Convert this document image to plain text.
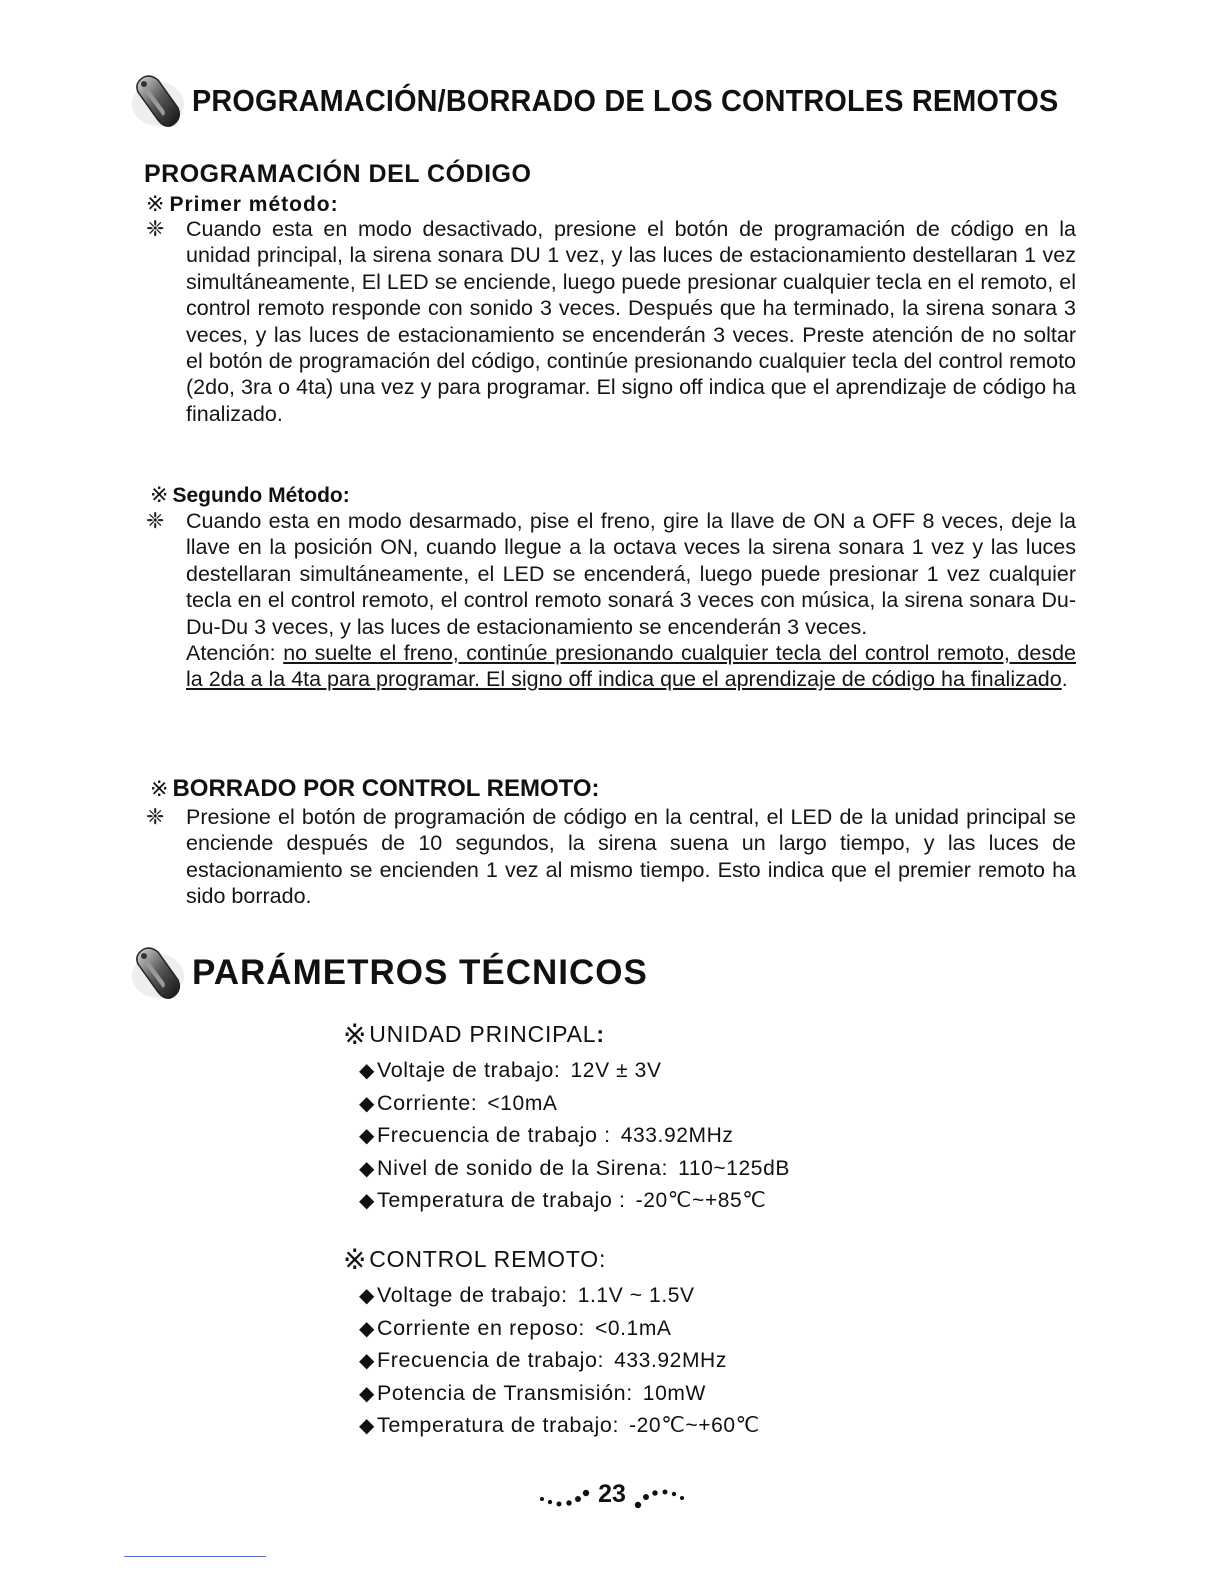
PROGRAMACIÓN/BORRADO DE LOS CONTROLES REMOTOS
PROGRAMACIÓN DEL CÓDIGO
※ Primer método:
❈	Cuando esta en modo desactivado, presione el botón de programación de código en la unidad principal, la sirena sonara DU 1 vez, y las luces de estacionamiento destellaran 1 vez simultáneamente, El LED se enciende, luego puede presionar cualquier tecla en el remoto, el control remoto responde con sonido 3 veces. Después que ha terminado, la sirena sonara 3 veces, y las luces de estacionamiento se encenderán 3 veces. Preste atención de no soltar el botón de programación del código, continúe presionando cualquier tecla del control remoto (2do, 3ra o 4ta) una vez y para programar. El signo off indica que el aprendizaje de código ha finalizado.

※ Segundo Método:
❈	Cuando esta en modo desarmado, pise el freno, gire la llave de ON a OFF 8 veces, deje la llave en la posición ON, cuando llegue a la octava veces la sirena sonara 1 vez y las luces destellaran simultáneamente, el LED se encenderá, luego puede presionar 1 vez cualquier tecla en el control remoto, el control remoto sonará 3 veces con música, la sirena sonara Du-Du-Du 3 veces, y las luces de estacionamiento se encenderán 3 veces.

Atención: no suelte el freno, continúe presionando cualquier tecla del control remoto, desde la 2da a la 4ta para programar. El signo off indica que el aprendizaje de código ha finalizado.

※ BORRADO POR CONTROL REMOTO:
❈	Presione el botón de programación de código en la central, el LED de la unidad principal se enciende después de 10 segundos, la sirena suena un largo tiempo, y las luces de estacionamiento se encienden 1 vez al mismo tiempo. Esto indica que el premier remoto ha sido borrado.

PARÁMETROS TÉCNICOS
※ UNIDAD PRINCIPAL :
◆Voltaje de trabajo: 12V ± 3V
◆Corriente: <10mA
◆Frecuencia de trabajo : 433.92MHz
◆Nivel de sonido de la Sirena: 110~125dB
◆Temperatura de trabajo : -20℃~+85℃
※ CONTROL REMOTO :
◆Voltage de trabajo: 1.1V ~ 1.5V
◆Corriente en reposo: <0.1mA
◆Frecuencia de trabajo: 433.92MHz
◆Potencia de Transmisión: 10mW
◆Temperatura de trabajo: -20℃~+60℃
23
